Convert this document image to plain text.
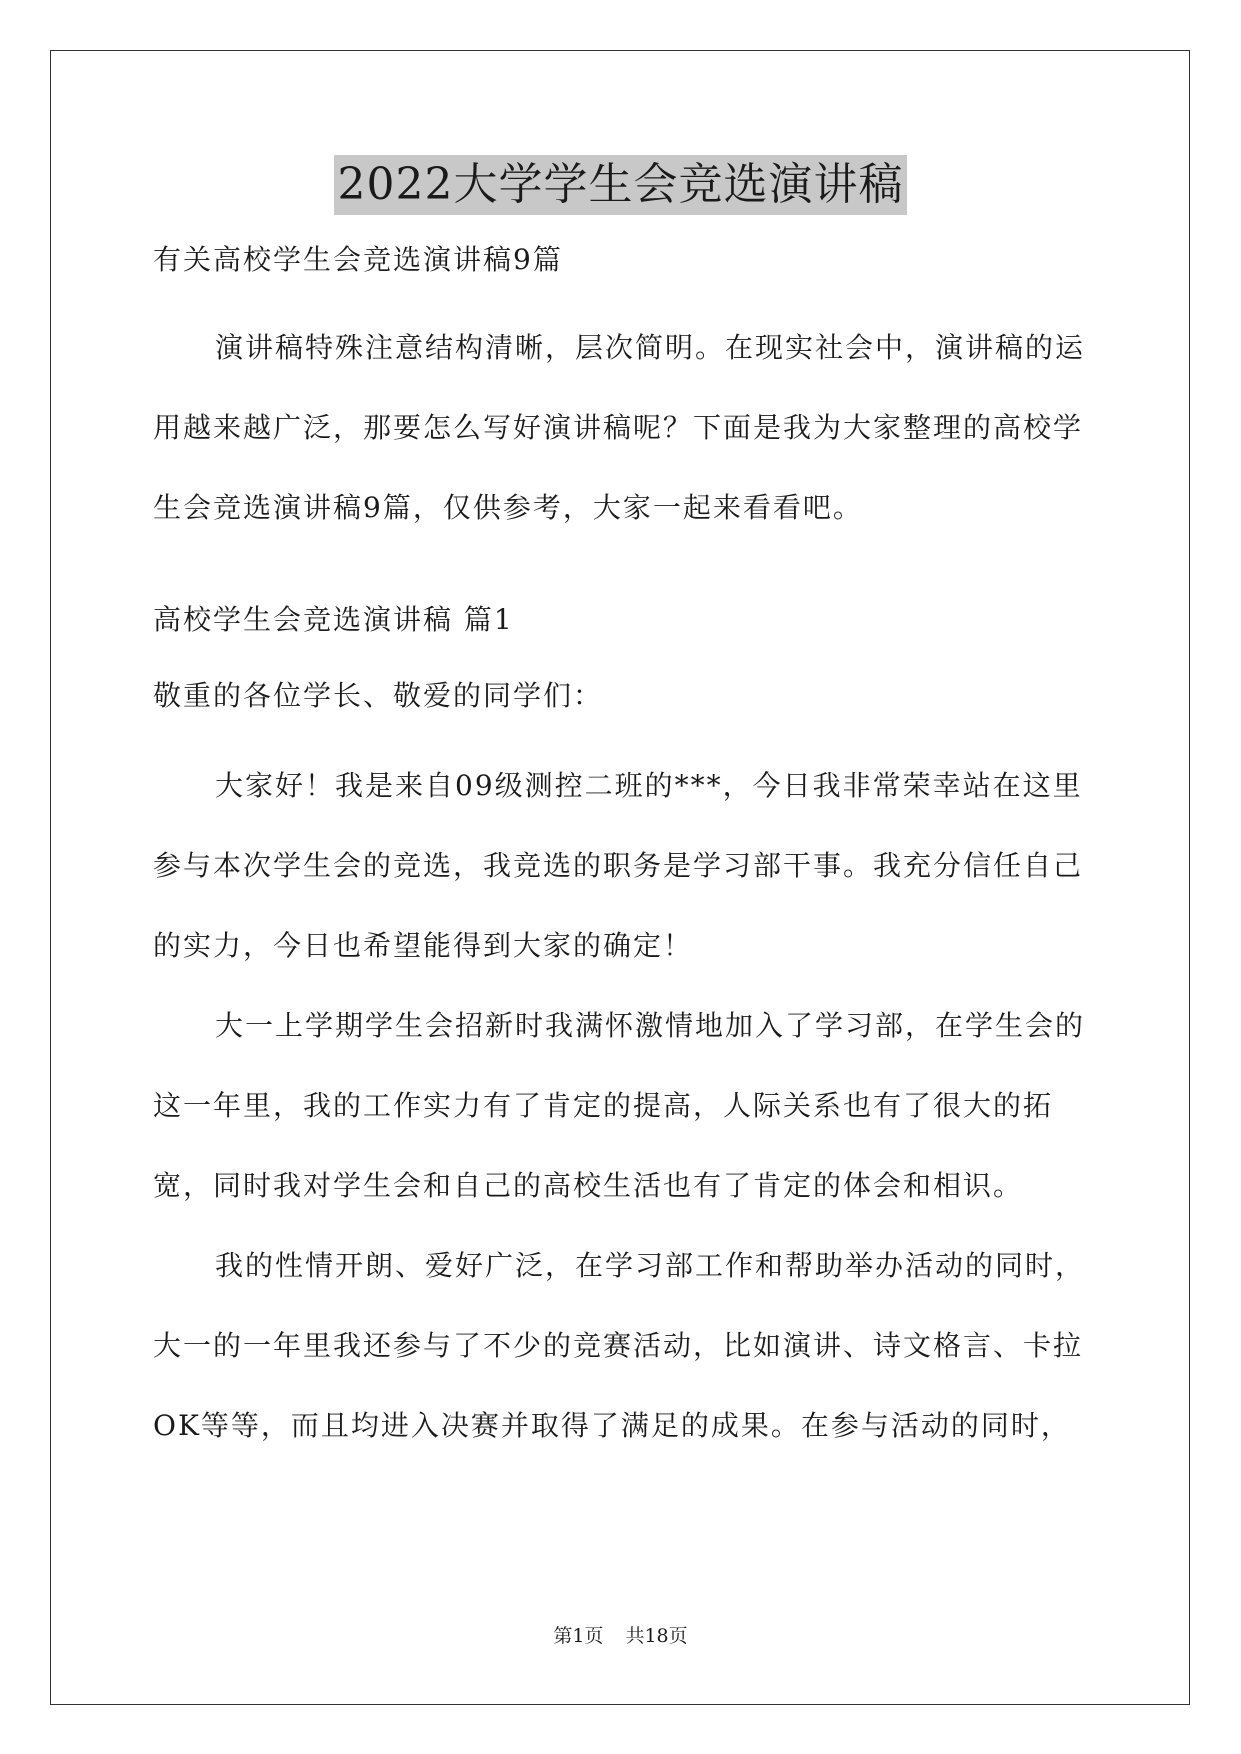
2022大学学生会竞选演讲稿
有关高校学生会竞选演讲稿9篇

演讲稿特殊注意结构清晰，层次简明。在现实社会中，演讲稿的运用越来越广泛，那要怎么写好演讲稿呢？下面是我为大家整理的高校学生会竞选演讲稿9篇，仅供参考，大家一起来看看吧。

高校学生会竞选演讲稿 篇1
敬重的各位学长、敬爱的同学们：

大家好！我是来自09级测控二班的***，今日我非常荣幸站在这里参与本次学生会的竞选，我竞选的职务是学习部干事。我充分信任自己的实力，今日也希望能得到大家的确定！

大一上学期学生会招新时我满怀激情地加入了学习部，在学生会的这一年里，我的工作实力有了肯定的提高，人际关系也有了很大的拓宽，同时我对学生会和自己的高校生活也有了肯定的体会和相识。

我的性情开朗、爱好广泛，在学习部工作和帮助举办活动的同时，大一的一年里我还参与了不少的竞赛活动，比如演讲、诗文格言、卡拉OK等等，而且均进入决赛并取得了满足的成果。在参与活动的同时，

第1页 共18页
